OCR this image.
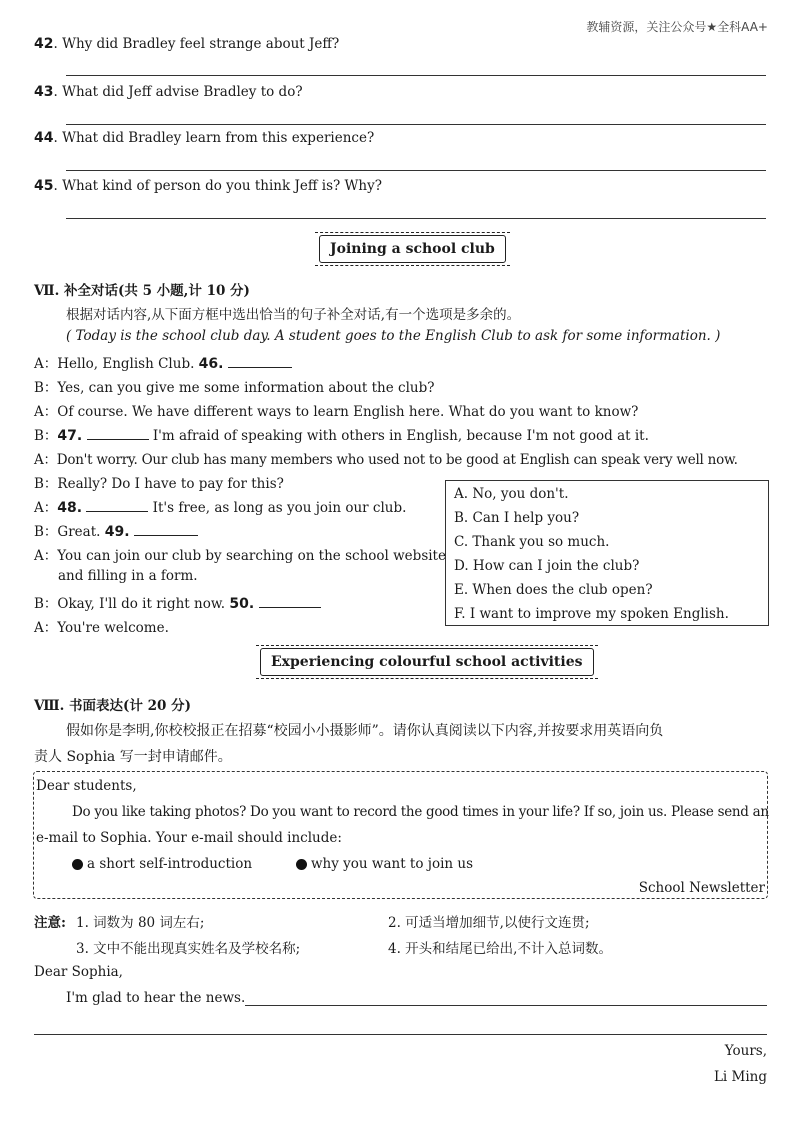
教辅资源，关注公众号★全科AA+
42. Why did Bradley feel strange about Jeff?
43. What did Jeff advise Bradley to do?
44. What did Bradley learn from this experience?
45. What kind of person do you think Jeff is? Why?
Joining a school club
Ⅶ. 补全对话(共 5 小题,计 10 分)
根据对话内容,从下面方框中选出恰当的句子补全对话,有一个选项是多余的。
( Today is the school club day. A student goes to the English Club to ask for some information. )
A：Hello, English Club. 46.
B：Yes, can you give me some information about the club?
A：Of course. We have different ways to learn English here. What do you want to know?
B：47.	I'm afraid of speaking with others in English, because I'm not good at it.
A：Don't worry. Our club has many members who used not to be good at English can speak very well now.
B：Really? Do I have to pay for this?
A：48.	It's free, as long as you join our club.
B：Great. 49.
A：You can join our club by searching on the school website
and filling in a form.
B：Okay, I'll do it right now. 50.
A：You're welcome.
A. No, you don't.
B. Can I help you?
C. Thank you so much.
D. How can I join the club?
E. When does the club open?
F. I want to improve my spoken English.
Experiencing colourful school activities
Ⅷ. 书面表达(计 20 分)
假如你是李明,你校校报正在招募“校园小小摄影师”。请你认真阅读以下内容,并按要求用英语向负
责人 Sophia 写一封申请邮件。
Dear students,
Do you like taking photos? Do you want to record the good times in your life? If so, join us. Please send an
e-mail to Sophia. Your e-mail should include:
a short self-introduction	why you want to join us
School Newsletter
注意: 1. 词数为 80 词左右;	2. 可适当增加细节,以使行文连贯;
3. 文中不能出现真实姓名及学校名称;	4. 开头和结尾已给出,不计入总词数。
Dear Sophia,
I'm glad to hear the news.
Yours,
Li Ming
